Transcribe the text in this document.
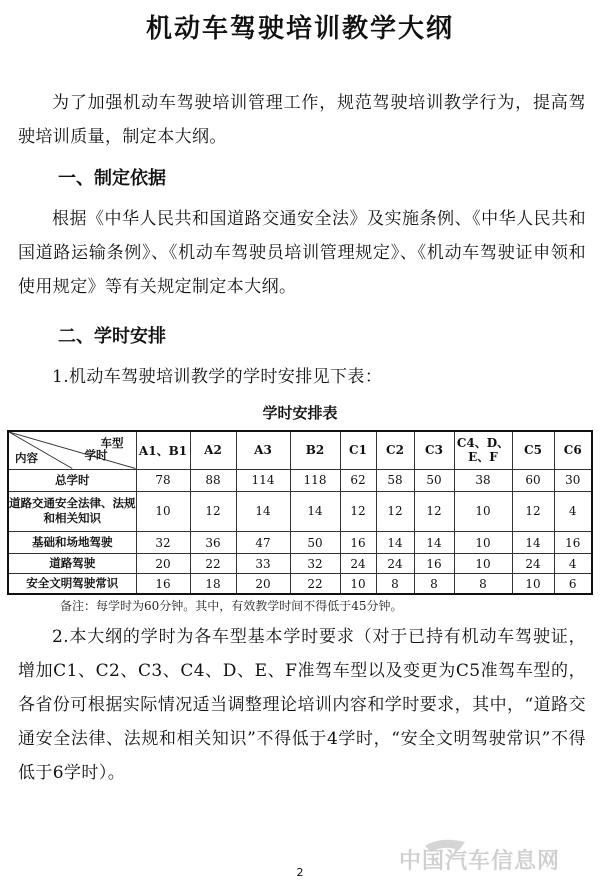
机动车驾驶培训教学大纲
为了加强机动车驾驶培训管理工作，规范驾驶培训教学行为，提高驾驶培训质量，制定本大纲。
一、制定依据
根据《中华人民共和国道路交通安全法》及实施条例、《中华人民共和国道路运输条例》、《机动车驾驶员培训管理规定》、《机动车驾驶证申领和使用规定》等有关规定制定本大纲。
二、学时安排
1.机动车驾驶培训教学的学时安排见下表：
学时安排表
车型
学时
内容	A1、B1	A2	A3	B2	C1	C2	C3	C4、D、E、F	C5	C6
总学时	78	88	114	118	62	58	50	38	60	30
道路交通安全法律、法规和相关知识	10	12	14	14	12	12	12	10	12	4
基础和场地驾驶	32	36	47	50	16	14	14	10	14	16
道路驾驶	20	22	33	32	24	24	16	10	24	4
安全文明驾驶常识	16	18	20	22	10	8	8	8	10	6
备注：每学时为60分钟。其中，有效教学时间不得低于45分钟。
2.本大纲的学时为各车型基本学时要求（对于已持有机动车驾驶证，增加C1、C2、C3、C4、D、E、F准驾车型以及变更为C5准驾车型的，各省份可根据实际情况适当调整理论培训内容和学时要求，其中，“道路交通安全法律、法规和相关知识”不得低于4学时，“安全文明驾驶常识”不得低于6学时）。
中国汽车信息网
2
